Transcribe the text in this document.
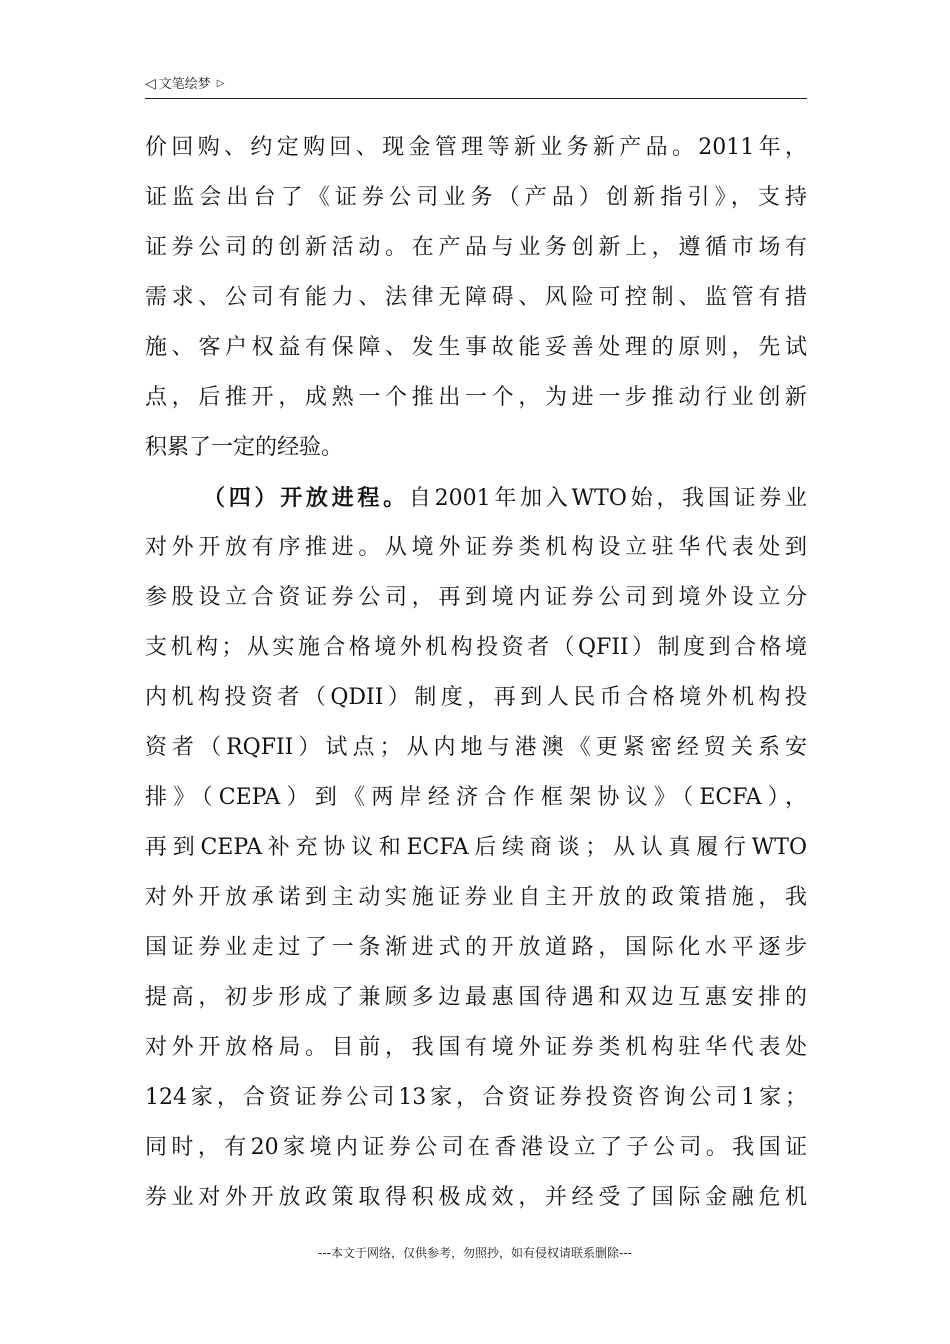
◁ 文笔绘梦 ▷
价回购、约定购回、现金管理等新业务新产品。2011年，
证监会出台了《证券公司业务（产品）创新指引》，支持
证券公司的创新活动。在产品与业务创新上，遵循市场有
需求、公司有能力、法律无障碍、风险可控制、监管有措
施、客户权益有保障、发生事故能妥善处理的原则，先试
点，后推开，成熟一个推出一个，为进一步推动行业创新
积累了一定的经验。
（四）开放进程。自2001年加入WTO始，我国证券业
对外开放有序推进。从境外证券类机构设立驻华代表处到
参股设立合资证券公司，再到境内证券公司到境外设立分
支机构；从实施合格境外机构投资者（QFII）制度到合格境
内机构投资者（QDII）制度，再到人民币合格境外机构投
资者（RQFII）试点；从内地与港澳《更紧密经贸关系安
排》（CEPA）到《两岸经济合作框架协议》（ECFA），
再到CEPA补充协议和ECFA后续商谈；从认真履行WTO
对外开放承诺到主动实施证券业自主开放的政策措施，我
国证券业走过了一条渐进式的开放道路，国际化水平逐步
提高，初步形成了兼顾多边最惠国待遇和双边互惠安排的
对外开放格局。目前，我国有境外证券类机构驻华代表处
124家，合资证券公司13家，合资证券投资咨询公司1家；
同时，有20家境内证券公司在香港设立了子公司。我国证
券业对外开放政策取得积极成效，并经受了国际金融危机
---本文于网络，仅供参考，勿照抄，如有侵权请联系删除---
